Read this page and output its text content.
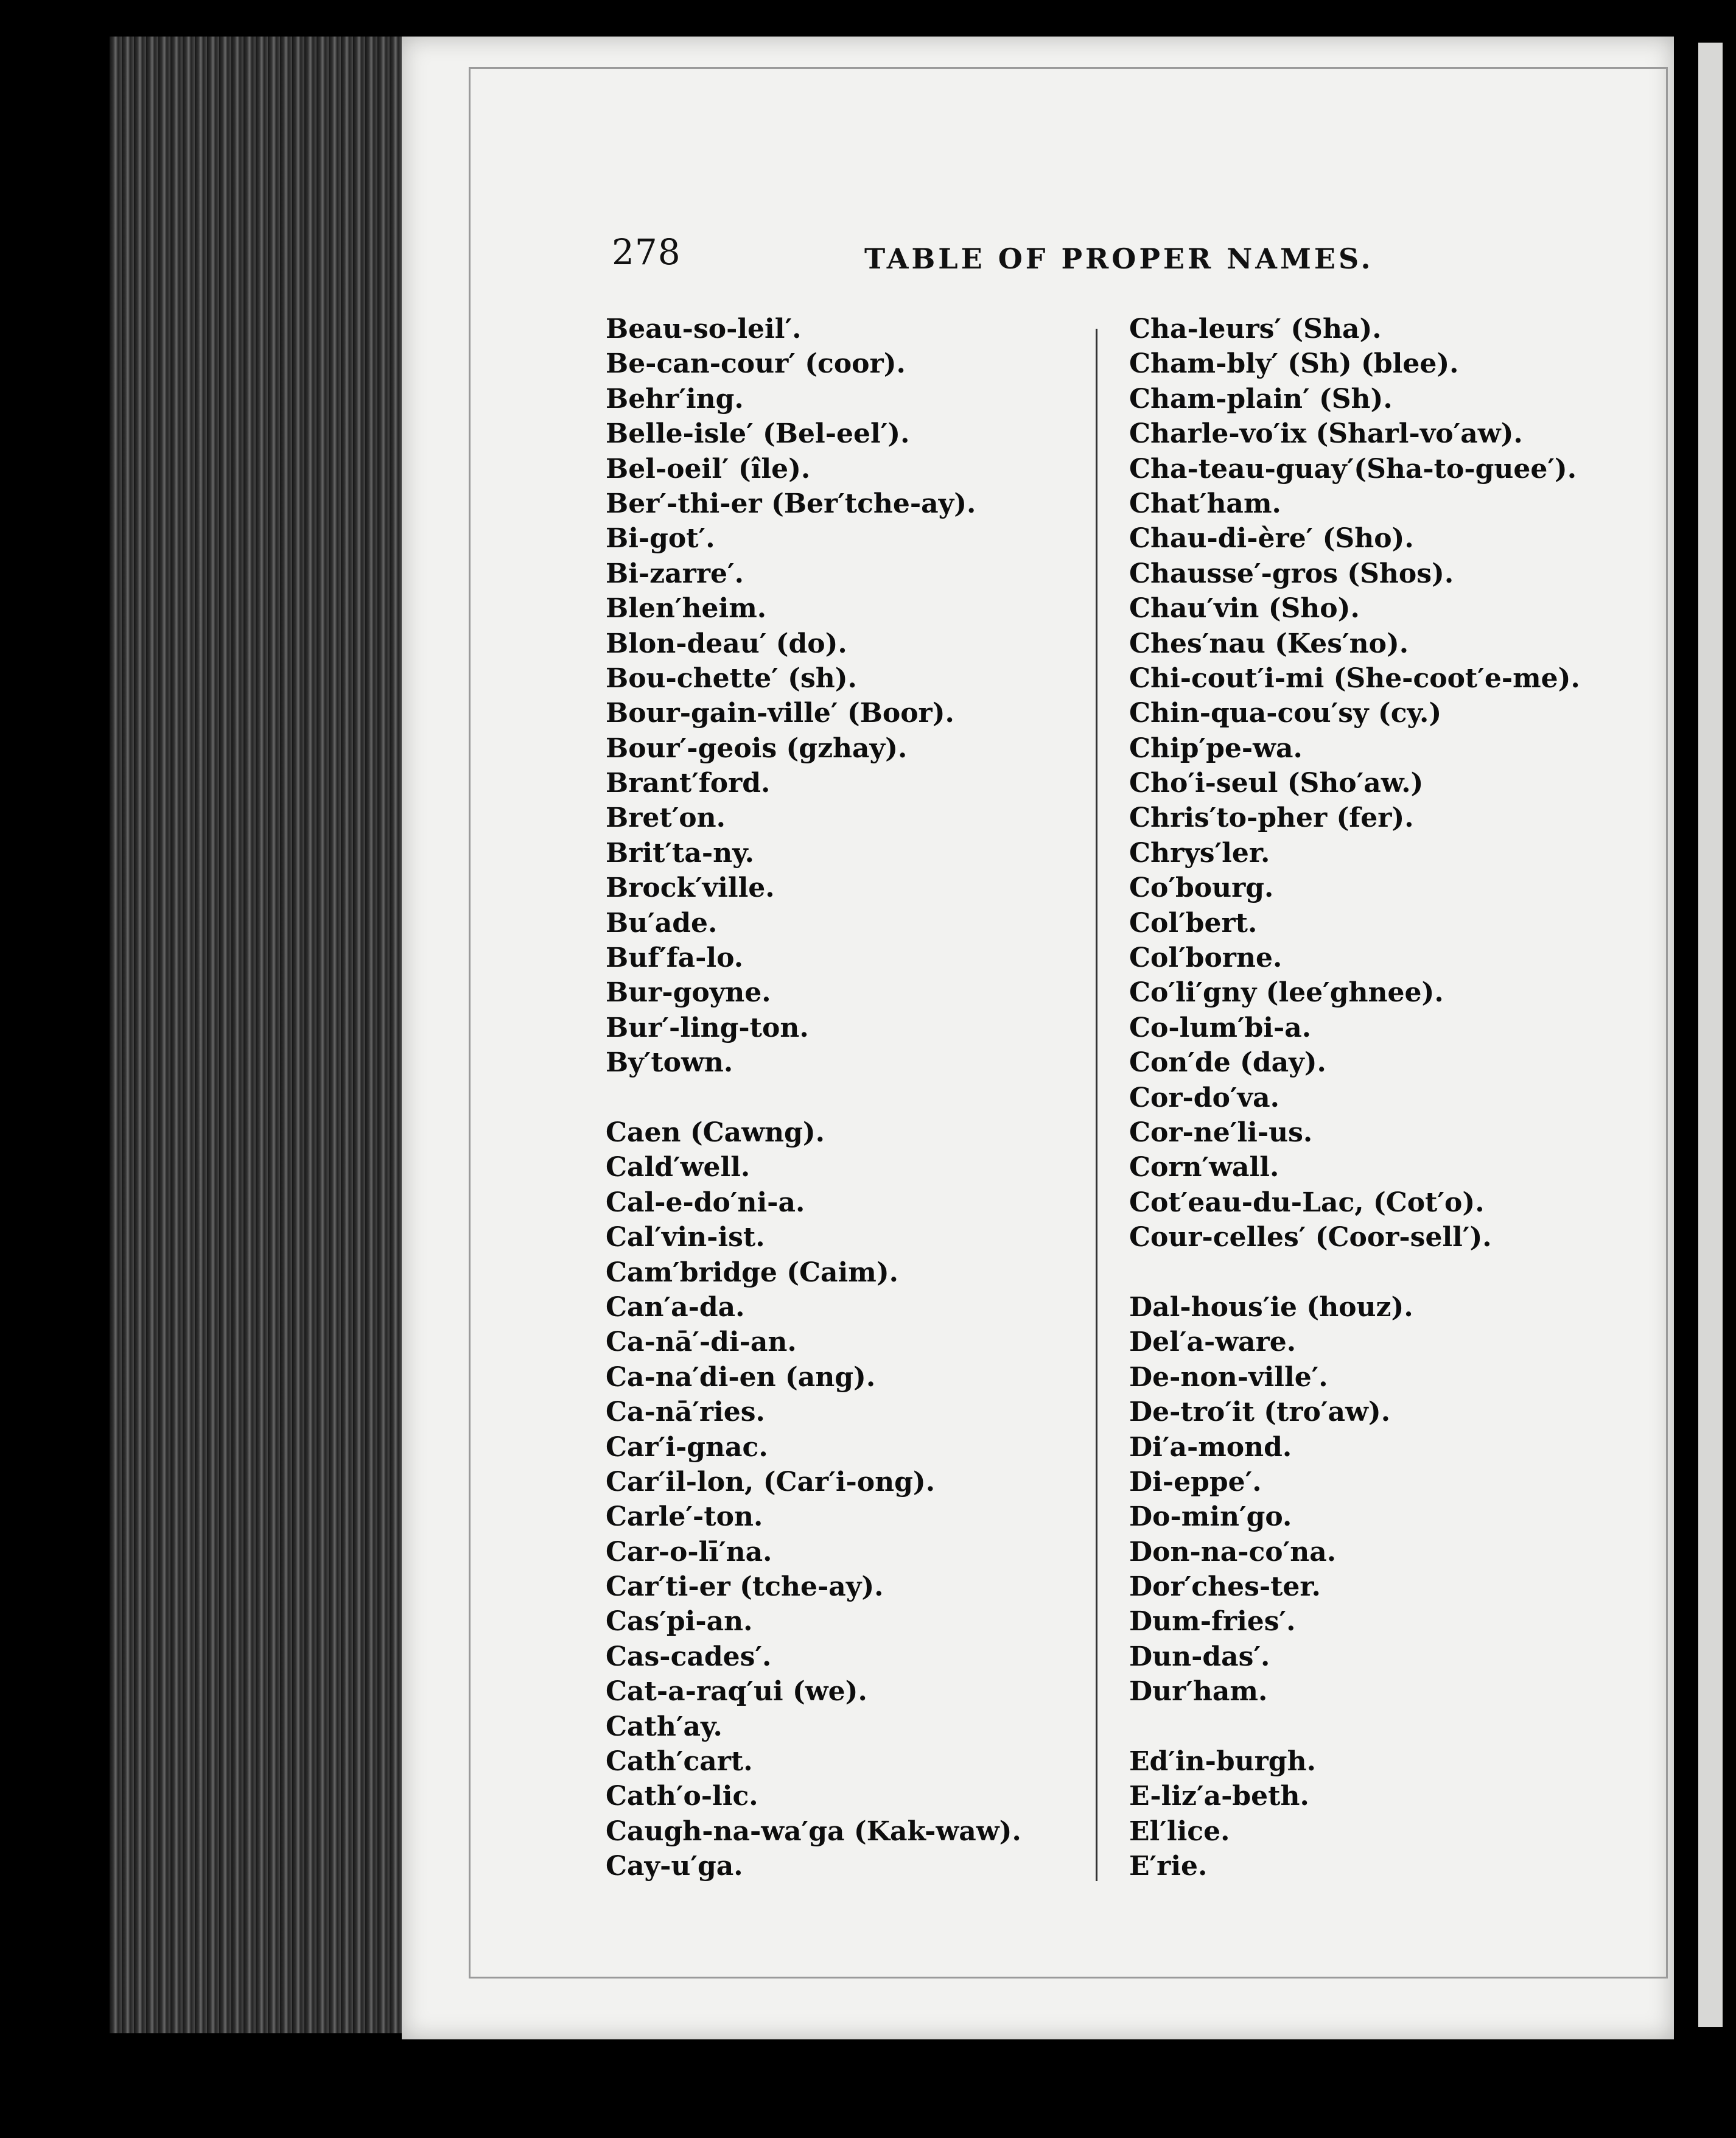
278	TABLE OF PROPER NAMES.
Beau-so-leil′.
Be-can-cour′ (coor).
Behr′ing.
Belle-isle′ (Bel-eel′).
Bel-oeil′ (île).
Ber′-thi-er (Ber′tche-ay).
Bi-got′.
Bi-zarre′.
Blen′heim.
Blon-deau′ (do).
Bou-chette′ (sh).
Bour-gain-ville′ (Boor).
Bour′-geois (gzhay).
Brant′ford.
Bret′on.
Brit′ta-ny.
Brock′ville.
Bu′ade.
Buf′fa-lo.
Bur-goyne.
Bur′-ling-ton.
By′town.
Caen (Cawng).
Cald′well.
Cal-e-do′ni-a.
Cal′vin-ist.
Cam′bridge (Caim).
Can′a-da.
Ca-nā′-di-an.
Ca-na′di-en (ang).
Ca-nā′ries.
Car′i-gnac.
Car′il-lon, (Car′i-ong).
Carle′-ton.
Car-o-lī′na.
Car′ti-er (tche-ay).
Cas′pi-an.
Cas-cades′.
Cat-a-raq′ui (we).
Cath′ay.
Cath′cart.
Cath′o-lic.
Caugh-na-wa′ga (Kak-waw).
Cay-u′ga.
Cha-leurs′ (Sha).
Cham-bly′ (Sh) (blee).
Cham-plain′ (Sh).
Charle-vo′ix (Sharl-vo′aw).
Cha-teau-guay′(Sha-to-guee′).
Chat′ham.
Chau-di-ère′ (Sho).
Chausse′-gros (Shos).
Chau′vin (Sho).
Ches′nau (Kes′no).
Chi-cout′i-mi (She-coot′e-me).
Chin-qua-cou′sy (cy.)
Chip′pe-wa.
Cho′i-seul (Sho′aw.)
Chris′to-pher (fer).
Chrys′ler.
Co′bourg.
Col′bert.
Col′borne.
Co′li′gny (lee′ghnee).
Co-lum′bi-a.
Con′de (day).
Cor-do′va.
Cor-ne′li-us.
Corn′wall.
Cot′eau-du-Lac, (Cot′o).
Cour-celles′ (Coor-sell′).
Dal-hous′ie (houz).
Del′a-ware.
De-non-ville′.
De-tro′it (tro′aw).
Di′a-mond.
Di-eppe′.
Do-min′go.
Don-na-co′na.
Dor′ches-ter.
Dum-fries′.
Dun-das′.
Dur′ham.
Ed′in-burgh.
E-liz′a-beth.
El′lice.
E′rie.
